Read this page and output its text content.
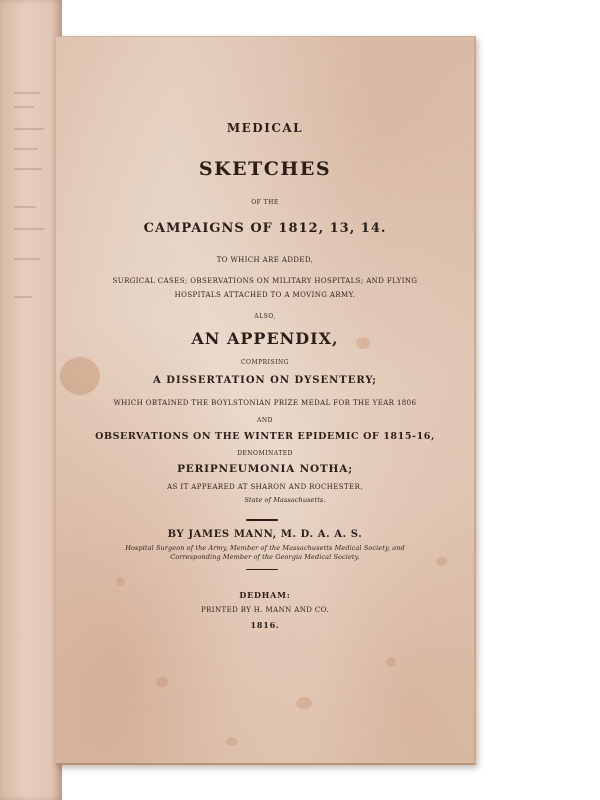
MEDICAL
SKETCHES
OF THE
CAMPAIGNS OF 1812, 13, 14.
TO WHICH ARE ADDED,
SURGICAL CASES; OBSERVATIONS ON MILITARY HOSPITALS; AND FLYING
HOSPITALS ATTACHED TO A MOVING ARMY.
ALSO,
AN APPENDIX,
COMPRISING
A DISSERTATION ON DYSENTERY;
WHICH OBTAINED THE BOYLSTONIAN PRIZE MEDAL FOR THE YEAR 1806
AND
OBSERVATIONS ON THE WINTER EPIDEMIC OF 1815-16,
DENOMINATED
PERIPNEUMONIA NOTHA;
AS IT APPEARED AT SHARON AND ROCHESTER,
State of Massachusetts.
BY JAMES MANN, M. D. A. A. S.
Hospital Surgeon of the Army, Member of the Massachusetts Medical Society, and
Corresponding Member of the Georgia Medical Society.
DEDHAM:
PRINTED BY H. MANN AND CO.
1816.
